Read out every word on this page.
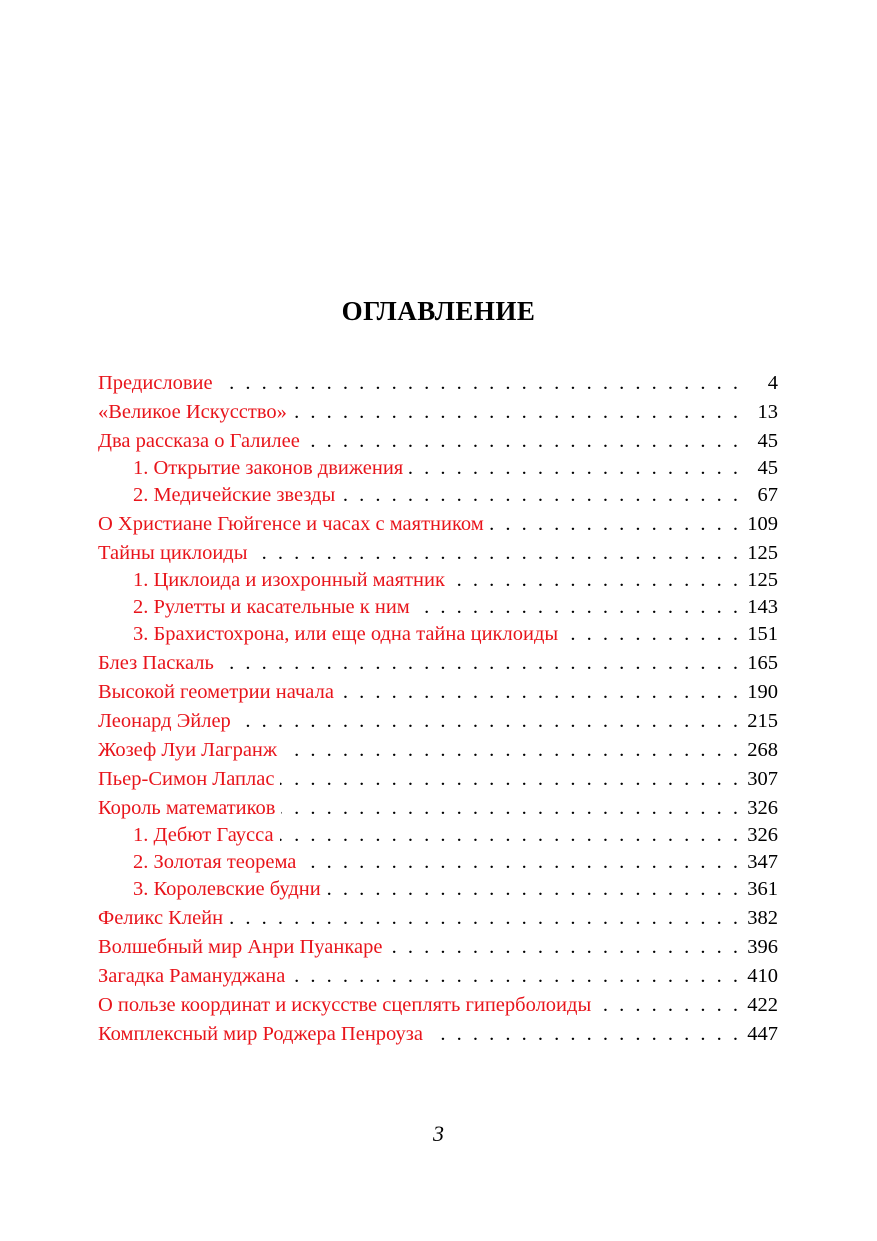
ОГЛАВЛЕНИЕ
Предисловие . . .	4
«Великое Искусство» . . .	13
Два рассказа о Галилее . . .	45
1. Открытие законов движения . . .	45
2. Медичейские звезды . . .	67
О Христиане Гюйгенсе и часах с маятником . . .	109
Тайны циклоиды . . .	125
1. Циклоида и изохронный маятник . . .	125
2. Рулетты и касательные к ним . . .	143
3. Брахистохрона, или еще одна тайна циклоиды . . .	151
Блез Паскаль . . .	165
Высокой геометрии начала . . .	190
Леонард Эйлер . . .	215
Жозеф Луи Лагранж . . .	268
Пьер-Симон Лаплас . . .	307
Король математиков . . .	326
1. Дебют Гаусса . . .	326
2. Золотая теорема . . .	347
3. Королевские будни . . .	361
Феликс Клейн . . .	382
Волшебный мир Анри Пуанкаре . . .	396
Загадка Рамануджана . . .	410
О пользе координат и искусстве сцеплять гиперболоиды . . .	422
Комплексный мир Роджера Пенроуза . . .	447
3
